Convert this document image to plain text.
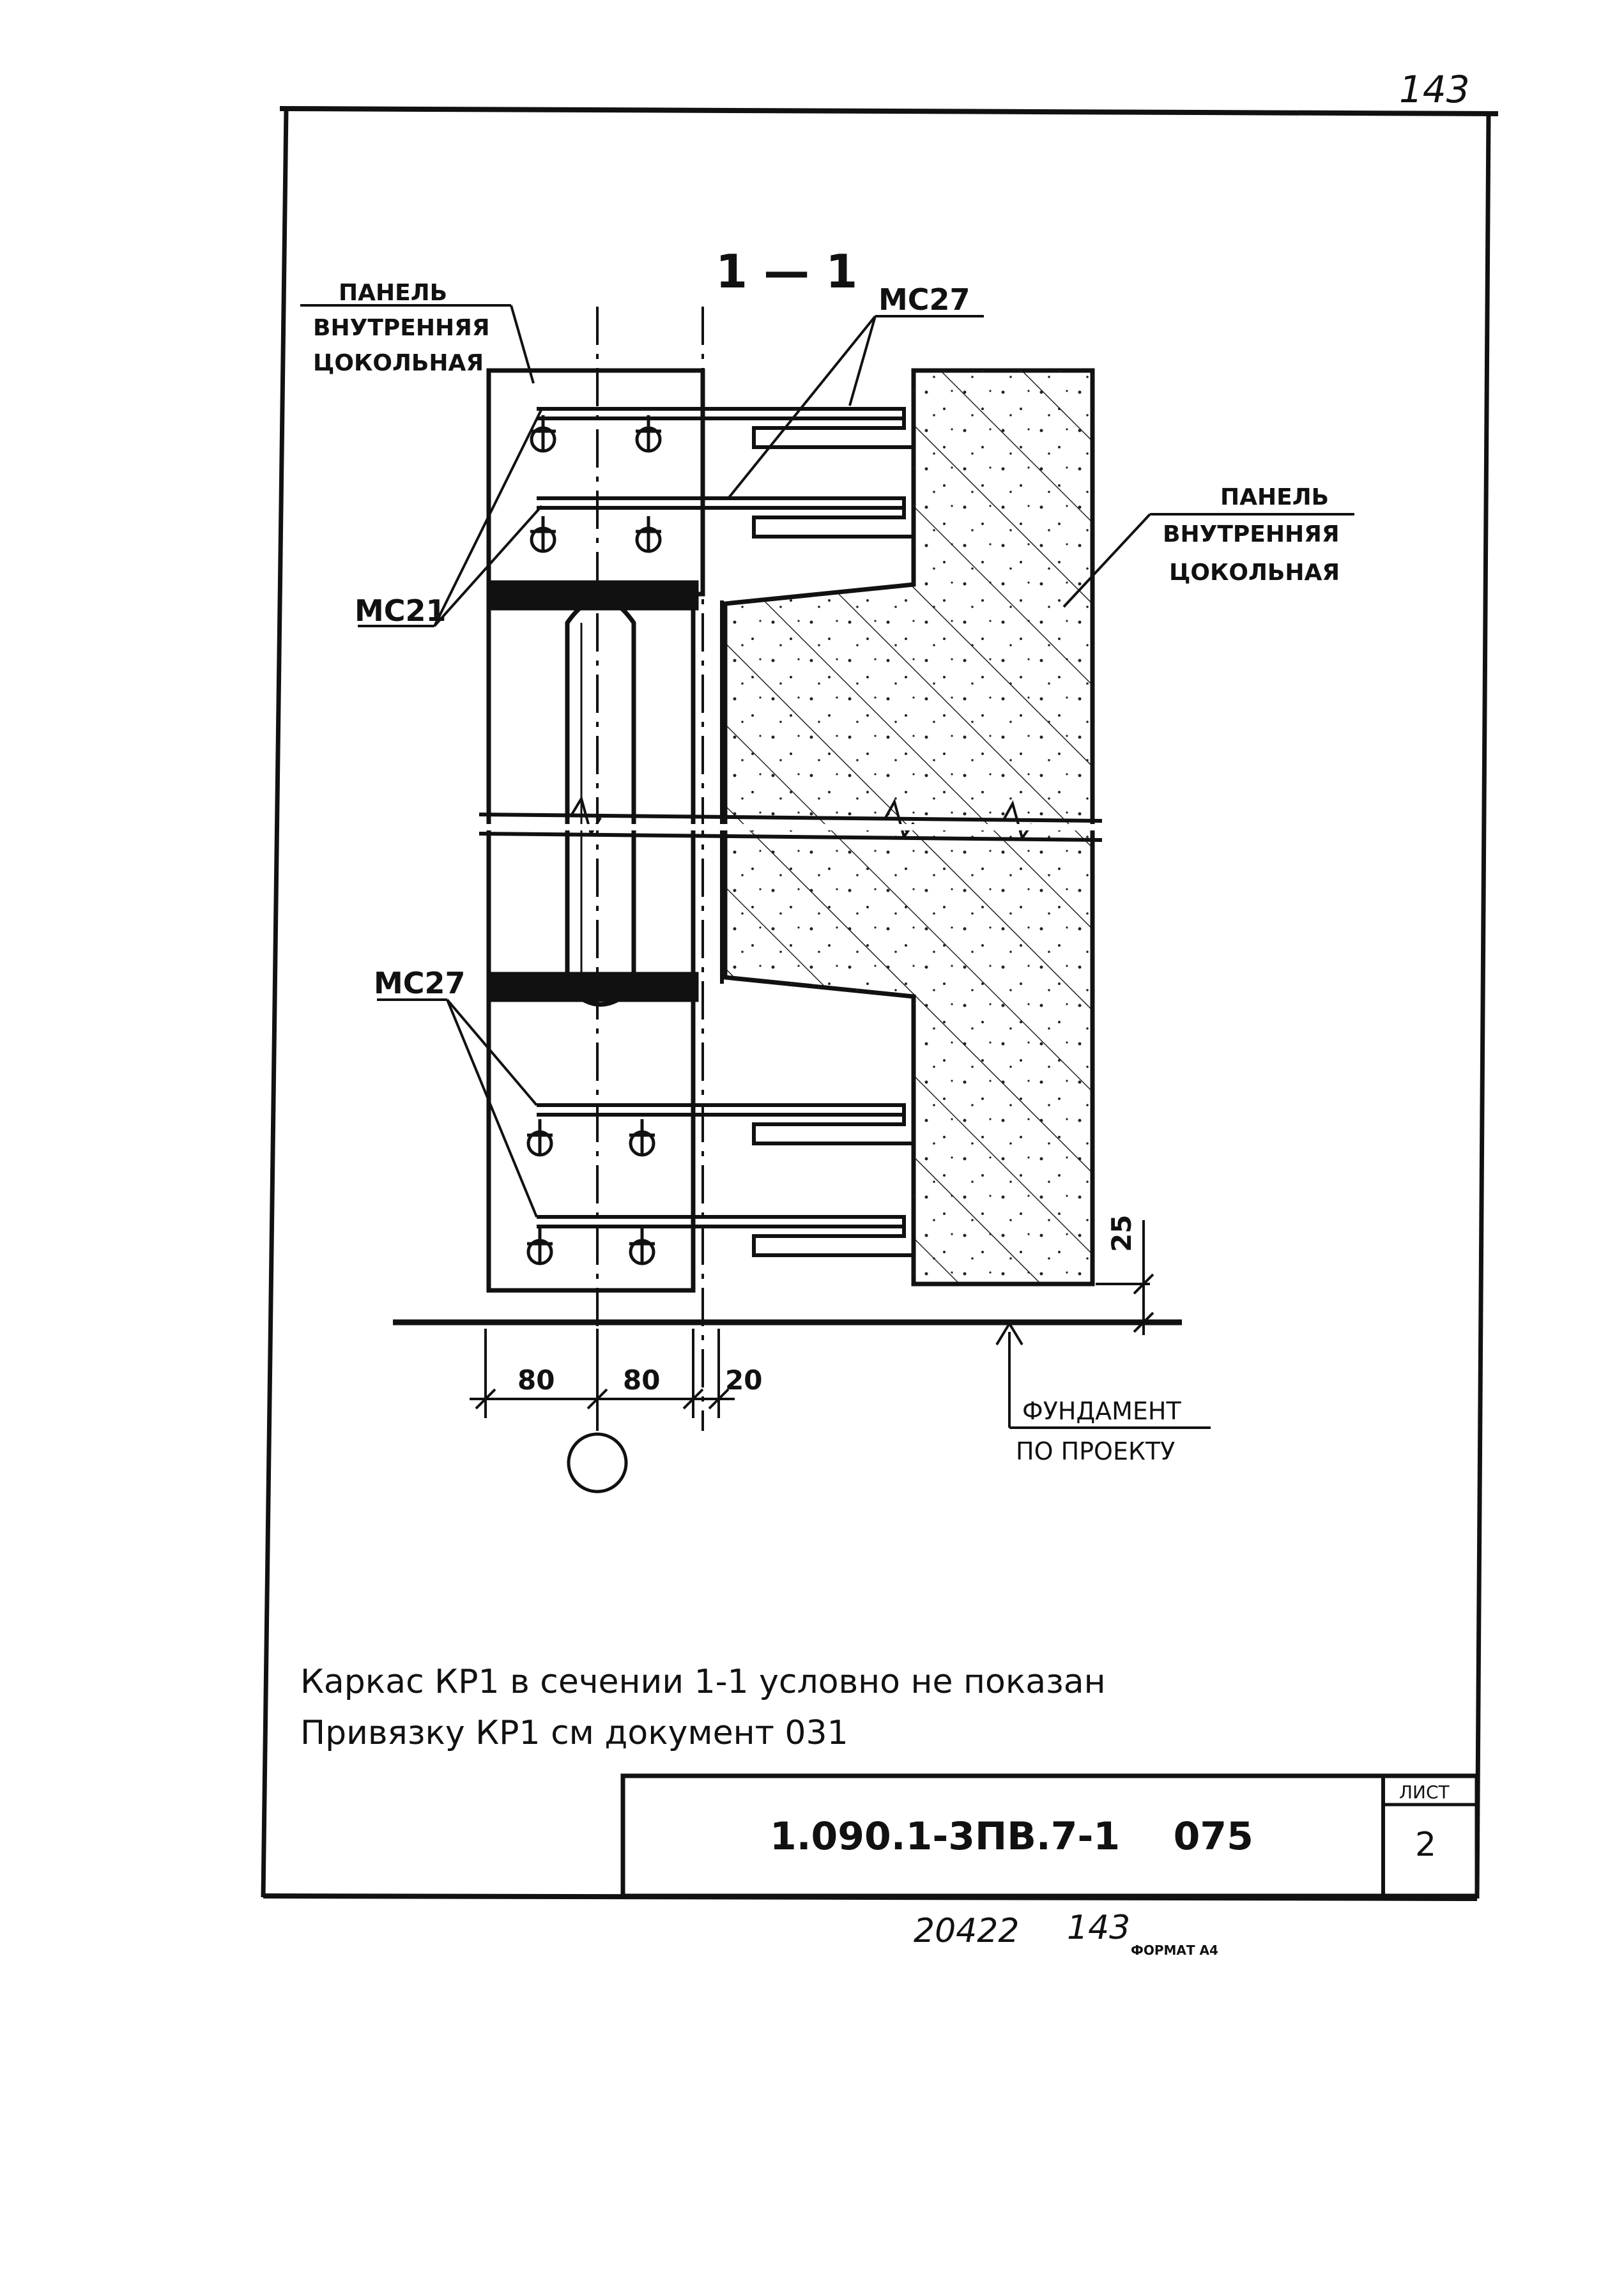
143
1 — 1
ПАНЕЛЬ
ВНУТРЕННЯЯ
ЦОКОЛЬНАЯ
МС27
МС21
ПАНЕЛЬ
ВНУТРЕННЯЯ
ЦОКОЛЬНАЯ
МС27
ФУНДАМЕНТ
ПО ПРОЕКТУ
80	80 20
25
Каркас КР1 в сечении 1-1 условно не показан
Привязку КР1 см документ 031
1.090.1-3ПВ.7-1    075
ЛИСТ
2
20422 143
ФОРМАТ А4
